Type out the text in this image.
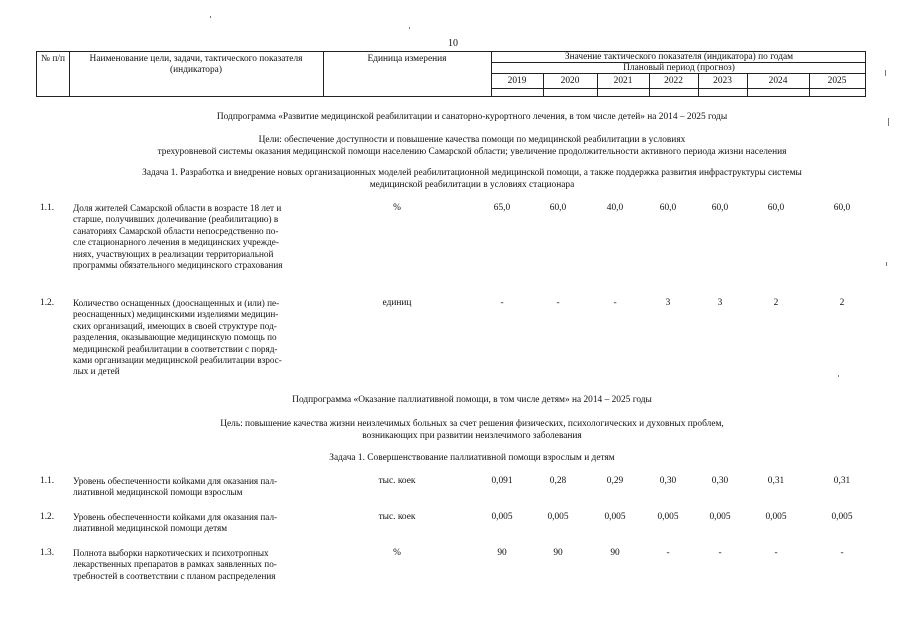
10
№ п/п	Наименование цели, задачи, тактического показателя (индикатора)
Единица измерения	Значение тактического показателя (индикатора) по годам
Плановый период (прогноз)
2019	2020	2021	2022	2023	2024	2025
Подпрограмма «Развитие медицинской реабилитации и санаторно-курортного лечения, в том числе детей» на 2014 – 2025 годы
Цели: обеспечение доступности и повышение качества помощи по медицинской реабилитации в условиях
трехуровневой системы оказания медицинской помощи населению Самарской области; увеличение продолжительности активного периода жизни населения
Задача 1. Разработка и внедрение новых организационных моделей реабилитационной медицинской помощи, а также поддержка развития инфраструктуры системы
медицинской реабилитации в условиях стационара
1.1. Доля жителей Самарской области в возрасте 18 лет и
старше, получивших долечивание (реабилитацию) в
санаториях Самарской области непосредственно по-
сле стационарного лечения в медицинских учрежде-
ниях, участвующих в реализации территориальной
программы обязательного медицинского страхования
%	65,0	60,0	40,0	60,0	60,0	60,0	60,0
1.2. Количество оснащенных (дооснащенных и (или) пе-
реоснащенных) медицинскими изделиями медицин-
ских организаций, имеющих в своей структуре под-
разделения, оказывающие медицинскую помощь по
медицинской реабилитации в соответствии с поряд-
ками организации медицинской реабилитации взрос-
лых и детей
единиц	-	-	-	3	3	2	2
Подпрограмма «Оказание паллиативной помощи, в том числе детям» на 2014 – 2025 годы
Цель: повышение качества жизни неизлечимых больных за счет решения физических, психологических и духовных проблем,
возникающих при развитии неизлечимого заболевания
Задача 1. Совершенствование паллиативной помощи взрослым и детям
1.1. Уровень обеспеченности койками для оказания пал-
лиативной медицинской помощи взрослым
тыс. коек	0,091	0,28	0,29	0,30	0,30	0,31	0,31
1.2. Уровень обеспеченности койками для оказания пал-
лиативной медицинской помощи детям
тыс. коек	0,005	0,005	0,005	0,005	0,005	0,005	0,005
1.3. Полнота выборки наркотических и психотропных
лекарственных препаратов в рамках заявленных по-
требностей в соответствии с планом распределения
%	90	90	90	-	-	-	-
